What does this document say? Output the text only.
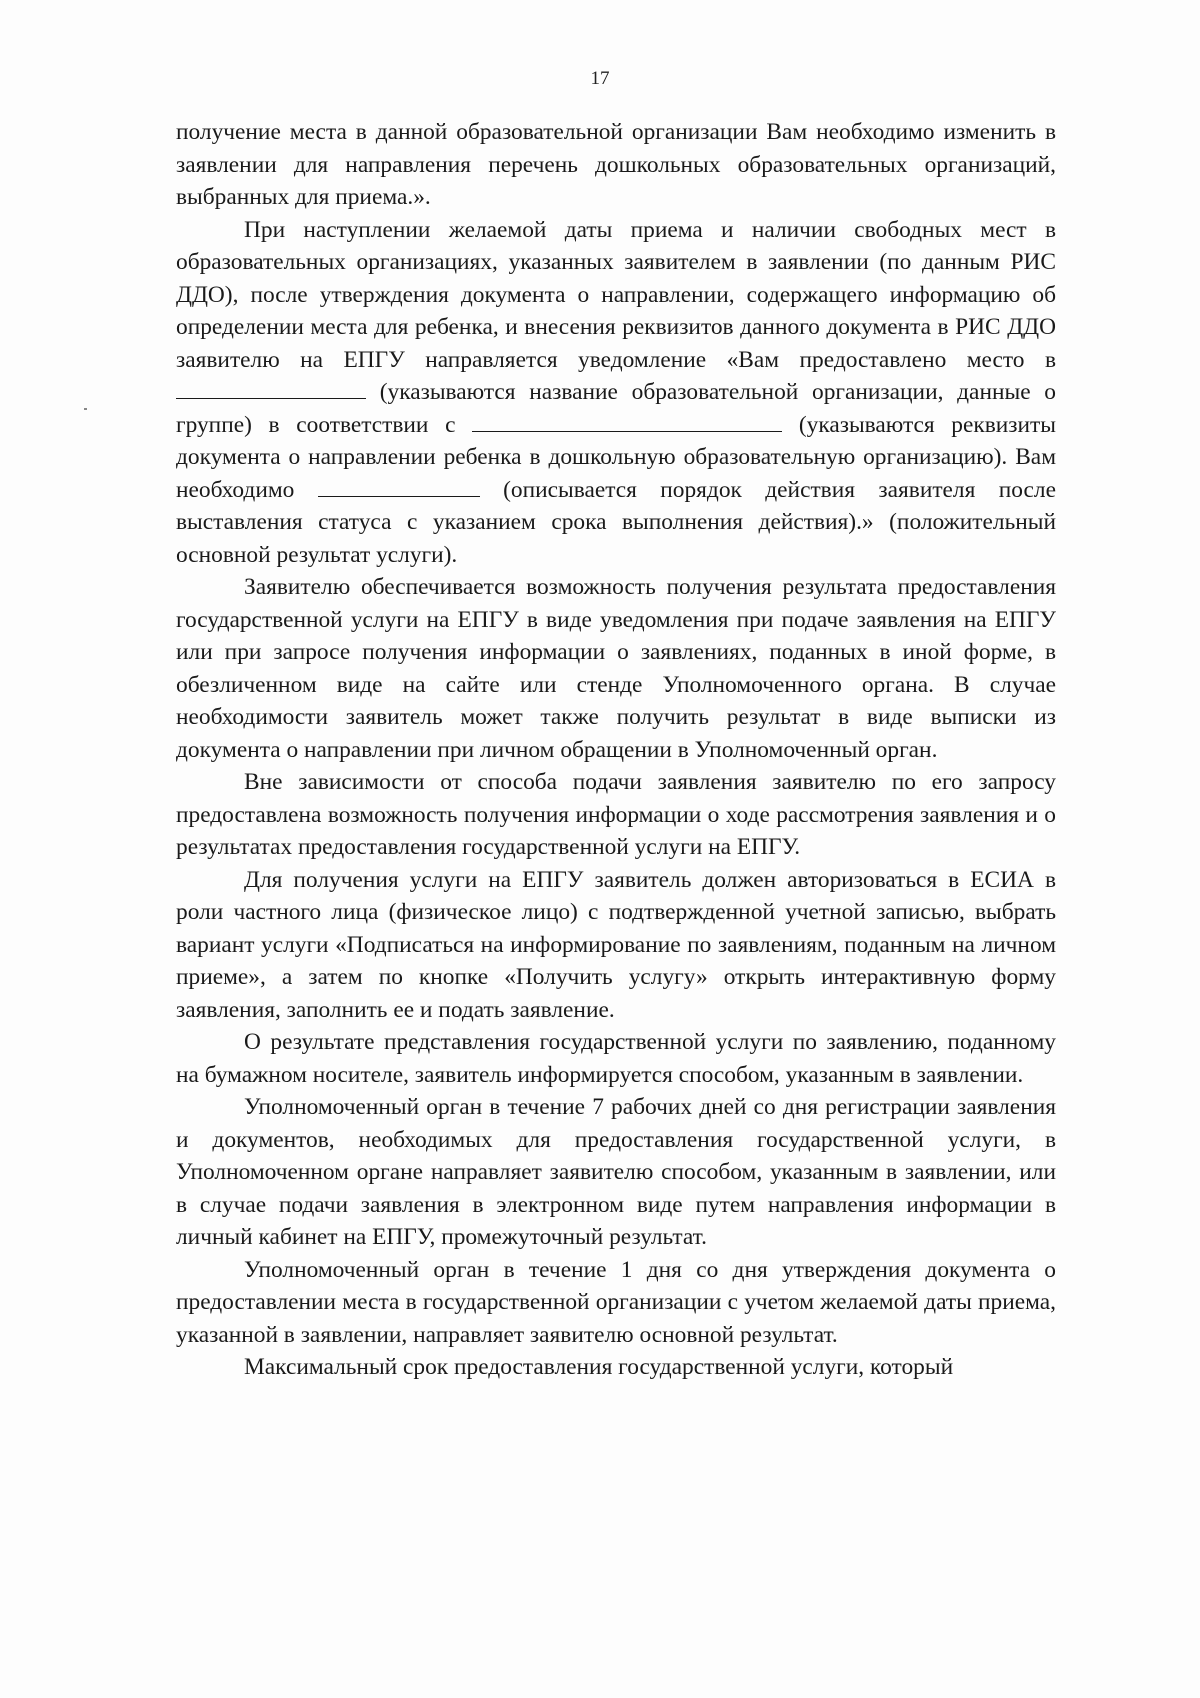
17

получение места в данной образовательной организации Вам необходимо изменить в заявлении для направления перечень дошкольных образовательных организаций, выбранных для приема.».

При наступлении желаемой даты приема и наличии свободных мест в образовательных организациях, указанных заявителем в заявлении (по данным РИС ДДО), после утверждения документа о направлении, содержащего информацию об определении места для ребенка, и внесения реквизитов данного документа в РИС ДДО заявителю на ЕПГУ направляется уведомление «Вам предоставлено место в  (указываются название образовательной организации, данные о группе) в соответствии с	(указываются реквизиты документа о направлении ребенка в дошкольную образовательную организацию). Вам необходимо	(описывается порядок действия заявителя после выставления статуса с указанием срока выполнения действия).» (положительный основной результат услуги).

Заявителю обеспечивается возможность получения результата предоставления государственной услуги на ЕПГУ в виде уведомления при подаче заявления на ЕПГУ или при запросе получения информации о заявлениях, поданных в иной форме, в обезличенном виде на сайте или стенде Уполномоченного органа. В случае необходимости заявитель может также получить результат в виде выписки из документа о направлении при личном обращении в Уполномоченный орган.

Вне зависимости от способа подачи заявления заявителю по его запросу предоставлена возможность получения информации о ходе рассмотрения заявления и о результатах предоставления государственной услуги на ЕПГУ.

Для получения услуги на ЕПГУ заявитель должен авторизоваться в ЕСИА в роли частного лица (физическое лицо) с подтвержденной учетной записью, выбрать вариант услуги «Подписаться на информирование по заявлениям, поданным на личном приеме», а затем по кнопке «Получить услугу» открыть интерактивную форму заявления, заполнить ее и подать заявление.

О результате представления государственной услуги по заявлению, поданному на бумажном носителе, заявитель информируется способом, указанным в заявлении.

Уполномоченный орган в течение 7 рабочих дней со дня регистрации заявления и документов, необходимых для предоставления государственной услуги, в Уполномоченном органе направляет заявителю способом, указанным в заявлении, или в случае подачи заявления в электронном виде путем направления информации в личный кабинет на ЕПГУ, промежуточный результат.

Уполномоченный орган в течение 1 дня со дня утверждения документа о предоставлении места в государственной организации с учетом желаемой даты приема, указанной в заявлении, направляет заявителю основной результат.

Максимальный срок предоставления государственной услуги, который
